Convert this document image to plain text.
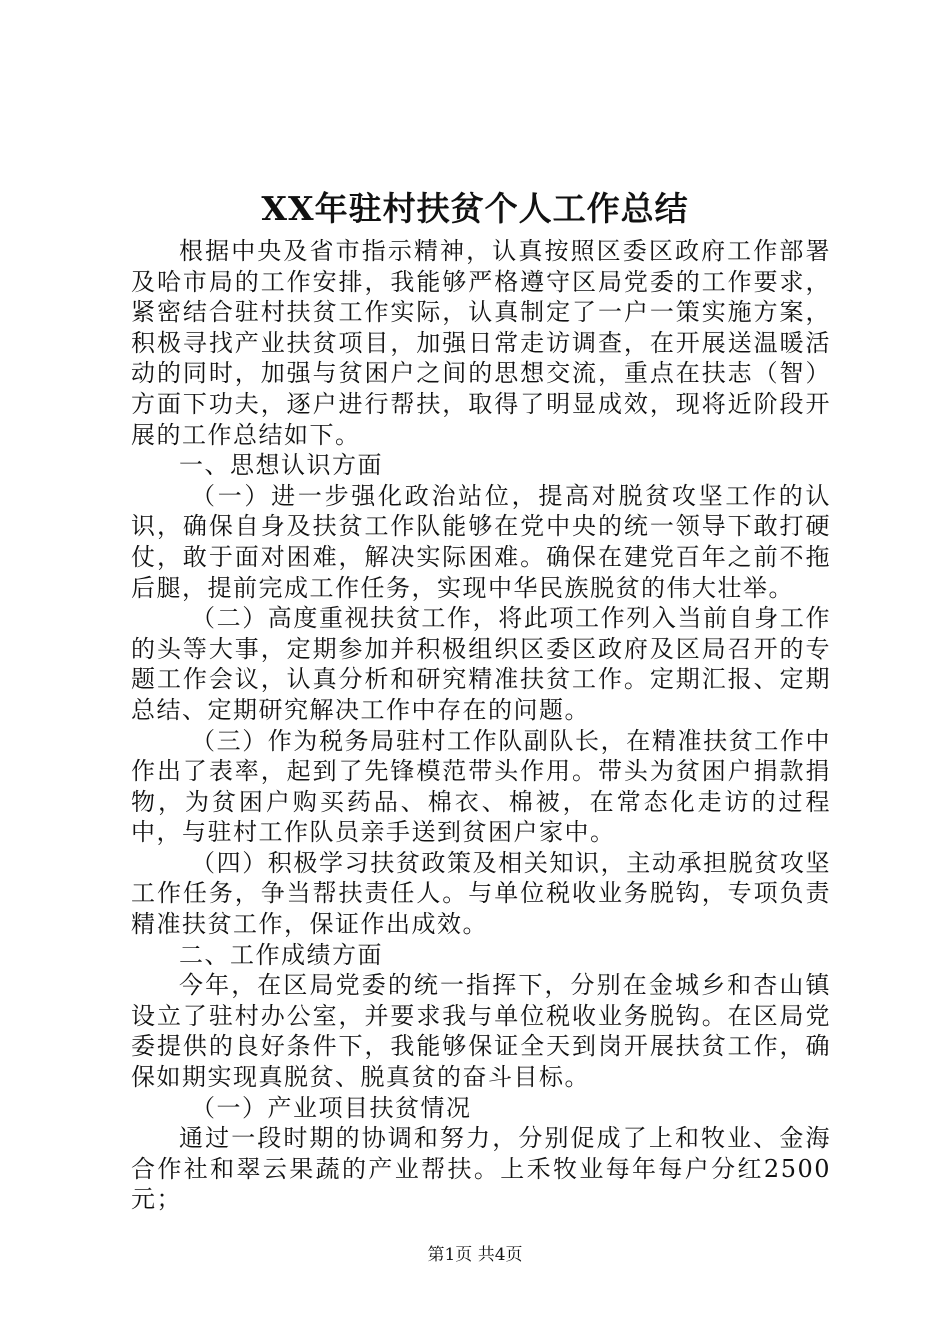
XX年驻村扶贫个人工作总结

根据中央及省市指示精神，认真按照区委区政府工作部署及哈市局的工作安排，我能够严格遵守区局党委的工作要求，紧密结合驻村扶贫工作实际，认真制定了一户一策实施方案，积极寻找产业扶贫项目，加强日常走访调查，在开展送温暖活动的同时，加强与贫困户之间的思想交流，重点在扶志（智）方面下功夫，逐户进行帮扶，取得了明显成效，现将近阶段开展的工作总结如下。

一、思想认识方面

（一）进一步强化政治站位，提高对脱贫攻坚工作的认识，确保自身及扶贫工作队能够在党中央的统一领导下敢打硬仗，敢于面对困难，解决实际困难。确保在建党百年之前不拖后腿，提前完成工作任务，实现中华民族脱贫的伟大壮举。

（二）高度重视扶贫工作，将此项工作列入当前自身工作的头等大事，定期参加并积极组织区委区政府及区局召开的专题工作会议，认真分析和研究精准扶贫工作。定期汇报、定期总结、定期研究解决工作中存在的问题。

（三）作为税务局驻村工作队副队长，在精准扶贫工作中作出了表率，起到了先锋模范带头作用。带头为贫困户捐款捐物，为贫困户购买药品、棉衣、棉被，在常态化走访的过程中，与驻村工作队员亲手送到贫困户家中。

（四）积极学习扶贫政策及相关知识，主动承担脱贫攻坚工作任务，争当帮扶责任人。与单位税收业务脱钩，专项负责精准扶贫工作，保证作出成效。

二、工作成绩方面

今年，在区局党委的统一指挥下，分别在金城乡和杏山镇设立了驻村办公室，并要求我与单位税收业务脱钩。在区局党委提供的良好条件下，我能够保证全天到岗开展扶贫工作，确保如期实现真脱贫、脱真贫的奋斗目标。

（一）产业项目扶贫情况

通过一段时期的协调和努力，分别促成了上和牧业、金海合作社和翠云果蔬的产业帮扶。上禾牧业每年每户分红2500元；

第1页 共4页
